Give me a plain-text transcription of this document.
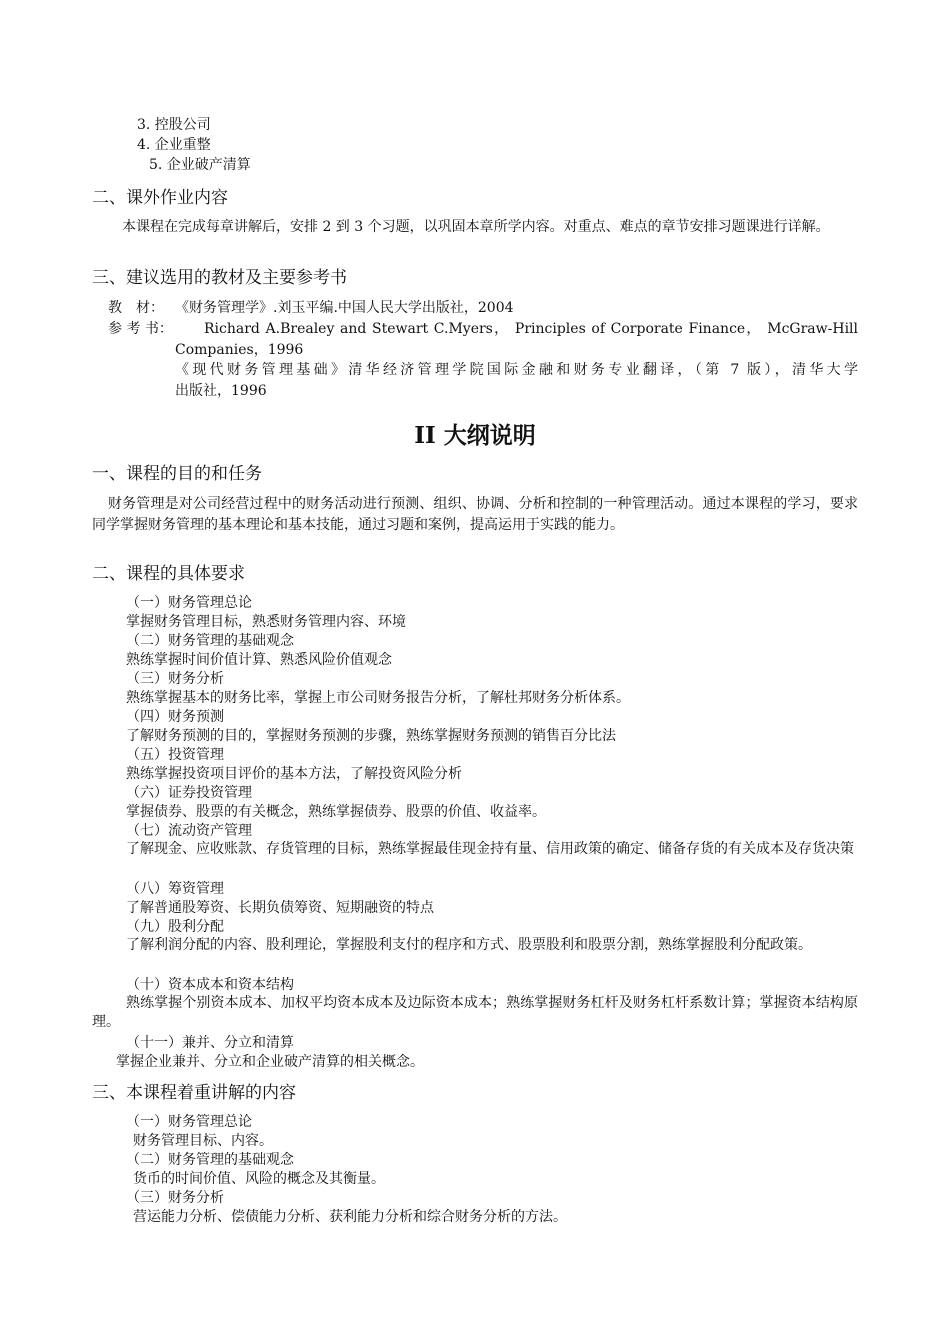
3. 控股公司
4. 企业重整
5. 企业破产清算
二、课外作业内容
本课程在完成每章讲解后，安排 2 到 3 个习题，以巩固本章所学内容。对重点、难点的章节安排习题课进行详解。
三、建议选用的教材及主要参考书
教　材： 《财务管理学》.刘玉平编.中国人民大学出版社，2004
参 考 书： Richard A.Brealey and Stewart C.Myers， Principles of Corporate Finance， McGraw-Hill
Companies，1996
《现代财务管理基础》清华经济管理学院国际金融和财务专业翻译，（第 7 版），清华大学
出版社，1996
II 大纲说明
一、课程的目的和任务
财务管理是对公司经营过程中的财务活动进行预测、组织、协调、分析和控制的一种管理活动。通过本课程的学习，要求同学掌握财务管理的基本理论和基本技能，通过习题和案例，提高运用于实践的能力。
二、课程的具体要求
（一）财务管理总论
掌握财务管理目标，熟悉财务管理内容、环境
（二）财务管理的基础观念
熟练掌握时间价值计算、熟悉风险价值观念
（三）财务分析
熟练掌握基本的财务比率，掌握上市公司财务报告分析，了解杜邦财务分析体系。
（四）财务预测
了解财务预测的目的，掌握财务预测的步骤，熟练掌握财务预测的销售百分比法
（五）投资管理
熟练掌握投资项目评价的基本方法，了解投资风险分析
（六）证券投资管理
掌握债券、股票的有关概念，熟练掌握债券、股票的价值、收益率。
（七）流动资产管理
了解现金、应收账款、存货管理的目标，熟练掌握最佳现金持有量、信用政策的确定、储备存货的有关成本及存货决策
（八）筹资管理
了解普通股筹资、长期负债筹资、短期融资的特点
（九）股利分配
了解利润分配的内容、股利理论，掌握股利支付的程序和方式、股票股利和股票分割，熟练掌握股利分配政策。
（十）资本成本和资本结构
熟练掌握个别资本成本、加权平均资本成本及边际资本成本；熟练掌握财务杠杆及财务杠杆系数计算；掌握资本结构原理。
（十一）兼并、分立和清算
掌握企业兼并、分立和企业破产清算的相关概念。
三、本课程着重讲解的内容
（一）财务管理总论
财务管理目标、内容。
（二）财务管理的基础观念
货币的时间价值、风险的概念及其衡量。
（三）财务分析
营运能力分析、偿债能力分析、获利能力分析和综合财务分析的方法。
